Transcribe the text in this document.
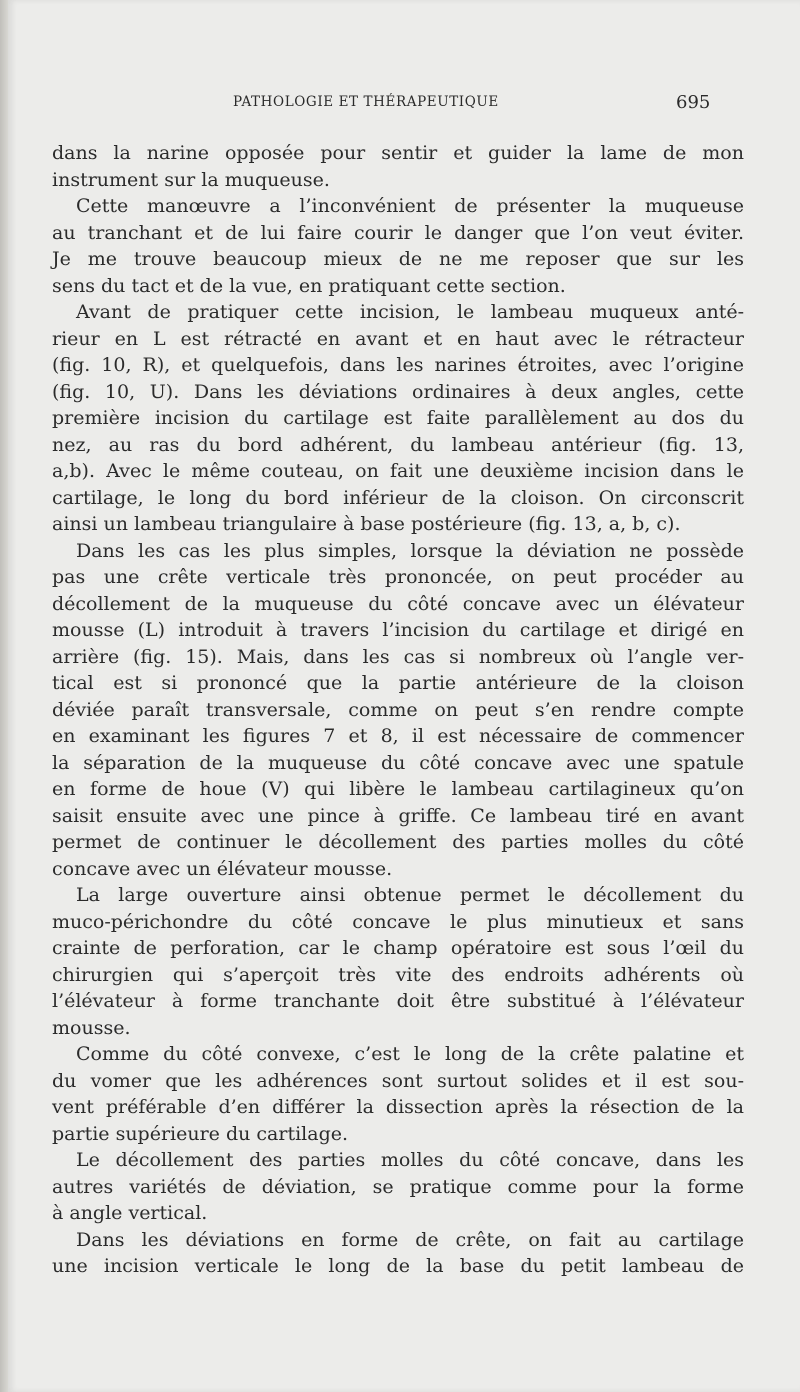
PATHOLOGIE ET THÉRAPEUTIQUE	695
dans la narine opposée pour sentir et guider la lame de mon
instrument sur la muqueuse.
Cette manœuvre a l’inconvénient de présenter la muqueuse
au tranchant et de lui faire courir le danger que l’on veut éviter.
Je me trouve beaucoup mieux de ne me reposer que sur les
sens du tact et de la vue, en pratiquant cette section.
Avant de pratiquer cette incision, le lambeau muqueux anté-
rieur en L est rétracté en avant et en haut avec le rétracteur
(fig. 10, R), et quelquefois, dans les narines étroites, avec l’origine
(fig. 10, U). Dans les déviations ordinaires à deux angles, cette
première incision du cartilage est faite parallèlement au dos du
nez, au ras du bord adhérent, du lambeau antérieur (fig. 13,
a,b). Avec le même couteau, on fait une deuxième incision dans le
cartilage, le long du bord inférieur de la cloison. On circonscrit
ainsi un lambeau triangulaire à base postérieure (fig. 13, a, b, c).
Dans les cas les plus simples, lorsque la déviation ne possède
pas une crête verticale très prononcée, on peut procéder au
décollement de la muqueuse du côté concave avec un élévateur
mousse (L) introduit à travers l’incision du cartilage et dirigé en
arrière (fig. 15). Mais, dans les cas si nombreux où l’angle ver-
tical est si prononcé que la partie antérieure de la cloison
déviée paraît transversale, comme on peut s’en rendre compte
en examinant les figures 7 et 8, il est nécessaire de commencer
la séparation de la muqueuse du côté concave avec une spatule
en forme de houe (V) qui libère le lambeau cartilagineux qu’on
saisit ensuite avec une pince à griffe. Ce lambeau tiré en avant
permet de continuer le décollement des parties molles du côté
concave avec un élévateur mousse.
La large ouverture ainsi obtenue permet le décollement du
muco-périchondre du côté concave le plus minutieux et sans
crainte de perforation, car le champ opératoire est sous l’œil du
chirurgien qui s’aperçoit très vite des endroits adhérents où
l’élévateur à forme tranchante doit être substitué à l’élévateur
mousse.
Comme du côté convexe, c’est le long de la crête palatine et
du vomer que les adhérences sont surtout solides et il est sou-
vent préférable d’en différer la dissection après la résection de la
partie supérieure du cartilage.
Le décollement des parties molles du côté concave, dans les
autres variétés de déviation, se pratique comme pour la forme
à angle vertical.
Dans les déviations en forme de crête, on fait au cartilage
une incision verticale le long de la base du petit lambeau de
